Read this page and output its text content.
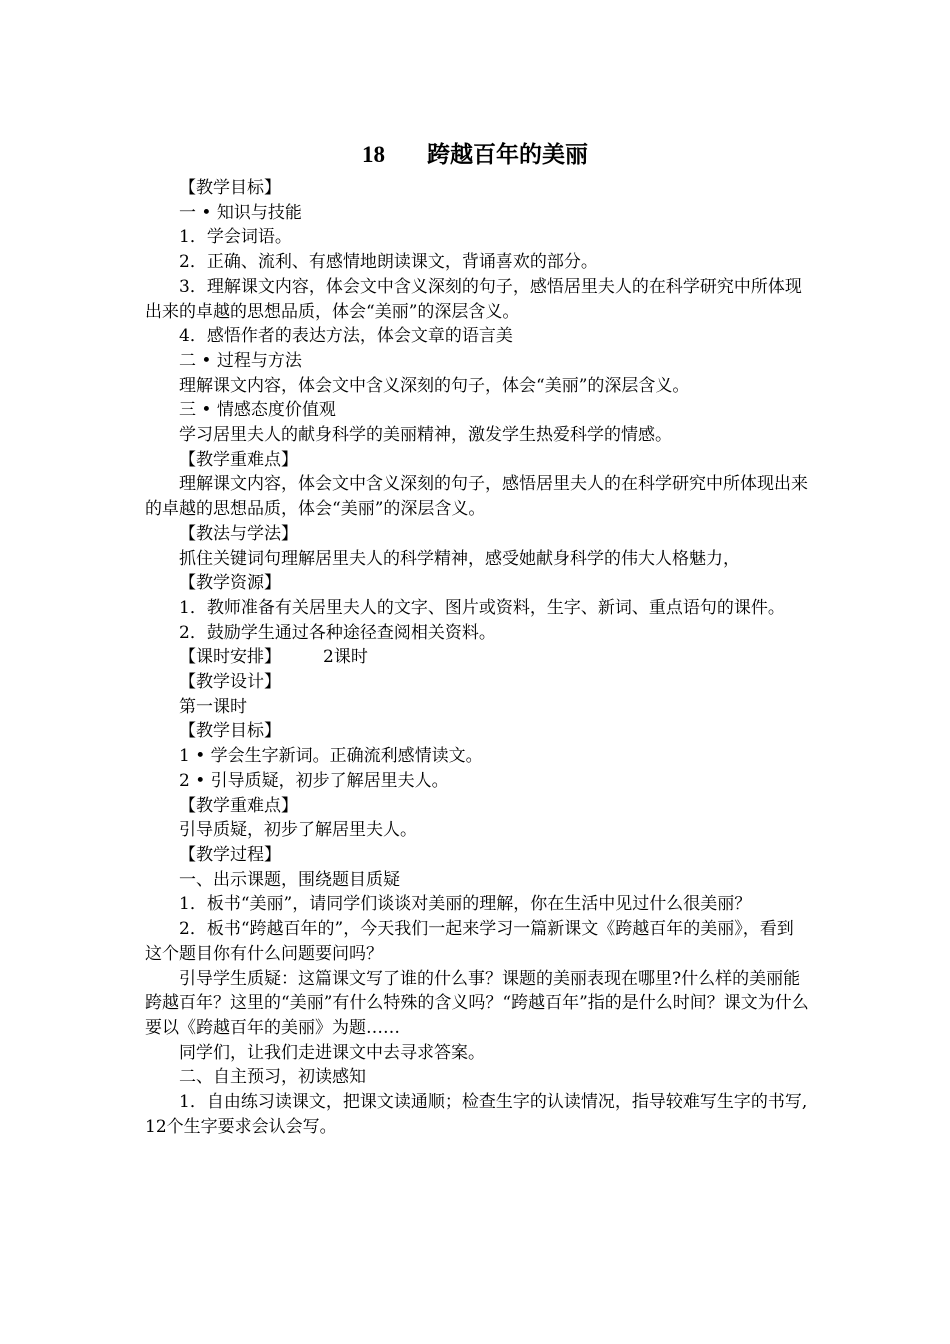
18 跨越百年的美丽

【教学目标】

一 • 知识与技能

1．学会词语。

2．正确、流利、有感情地朗读课文，背诵喜欢的部分。

3．理解课文内容，体会文中含义深刻的句子，感悟居里夫人的在科学研究中所体现出来的卓越的思想品质，体会“美丽”的深层含义。

4．感悟作者的表达方法，体会文章的语言美

二 • 过程与方法

理解课文内容，体会文中含义深刻的句子，体会“美丽”的深层含义。

三 • 情感态度价值观

学习居里夫人的献身科学的美丽精神，激发学生热爱科学的情感。

【教学重难点】

理解课文内容，体会文中含义深刻的句子，感悟居里夫人的在科学研究中所体现出来的卓越的思想品质，体会“美丽”的深层含义。

【教法与学法】

抓住关键词句理解居里夫人的科学精神，感受她献身科学的伟大人格魅力，

【教学资源】

1．教师准备有关居里夫人的文字、图片或资料，生字、新词、重点语句的课件。

2．鼓励学生通过各种途径查阅相关资料。

【课时安排】 2课时

【教学设计】

第一课时

【教学目标】

1 • 学会生字新词。正确流利感情读文。

2 • 引导质疑，初步了解居里夫人。

【教学重难点】

引导质疑，初步了解居里夫人。

【教学过程】

一、出示课题，围绕题目质疑

1．板书“美丽”，请同学们谈谈对美丽的理解，你在生活中见过什么很美丽？

2．板书“跨越百年的”，今天我们一起来学习一篇新课文《跨越百年的美丽》，看到这个题目你有什么问题要问吗？

引导学生质疑：这篇课文写了谁的什么事？课题的美丽表现在哪里?什么样的美丽能跨越百年？这里的“美丽”有什么特殊的含义吗？“跨越百年”指的是什么时间？课文为什么要以《跨越百年的美丽》为题……

同学们，让我们走进课文中去寻求答案。

二、自主预习，初读感知

1．自由练习读课文，把课文读通顺；检查生字的认读情况，指导较难写生字的书写, 12个生字要求会认会写。
